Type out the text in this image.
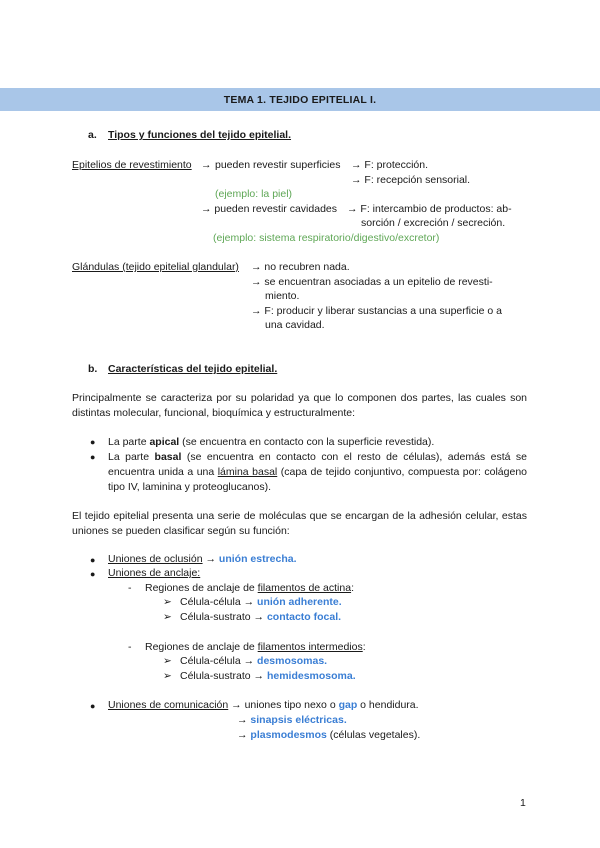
TEMA 1. TEJIDO EPITELIAL I.
a. Tipos y funciones del tejido epitelial.
Epitelios de revestimiento → pueden revestir superficies → F: protección.
→ F: recepción sensorial.
(ejemplo: la piel)
→ pueden revestir cavidades → F: intercambio de productos: ab-
sorción / excreción / secreción.
(ejemplo: sistema respiratorio/digestivo/excretor)
Glándulas (tejido epitelial glandular) → no recubren nada.
→ se encuentran asociadas a un epitelio de revesti-
miento.
→ F: producir y liberar sustancias a una superficie o a
una cavidad.
b. Características del tejido epitelial.
Principalmente se caracteriza por su polaridad ya que lo componen dos partes, las cuales son distintas molecular, funcional, bioquímica y estructuralmente:
● La parte apical (se encuentra en contacto con la superficie revestida).
● La parte basal (se encuentra en contacto con el resto de células), además está se encuentra unida a una lámina basal (capa de tejido conjuntivo, compuesta por: colágeno tipo IV, laminina y proteoglucanos).
El tejido epitelial presenta una serie de moléculas que se encargan de la adhesión celular, estas uniones se pueden clasificar según su función:
● Uniones de oclusión → unión estrecha.
● Uniones de anclaje:
- Regiones de anclaje de filamentos de actina:
➢ Célula-célula → unión adherente.
➢ Célula-sustrato → contacto focal.
- Regiones de anclaje de filamentos intermedios:
➢ Célula-célula → desmosomas.
➢ Célula-sustrato → hemidesmosoma.
● Uniones de comunicación → uniones tipo nexo o gap o hendidura.
→ sinapsis eléctricas.
→ plasmodesmos (células vegetales).
1
